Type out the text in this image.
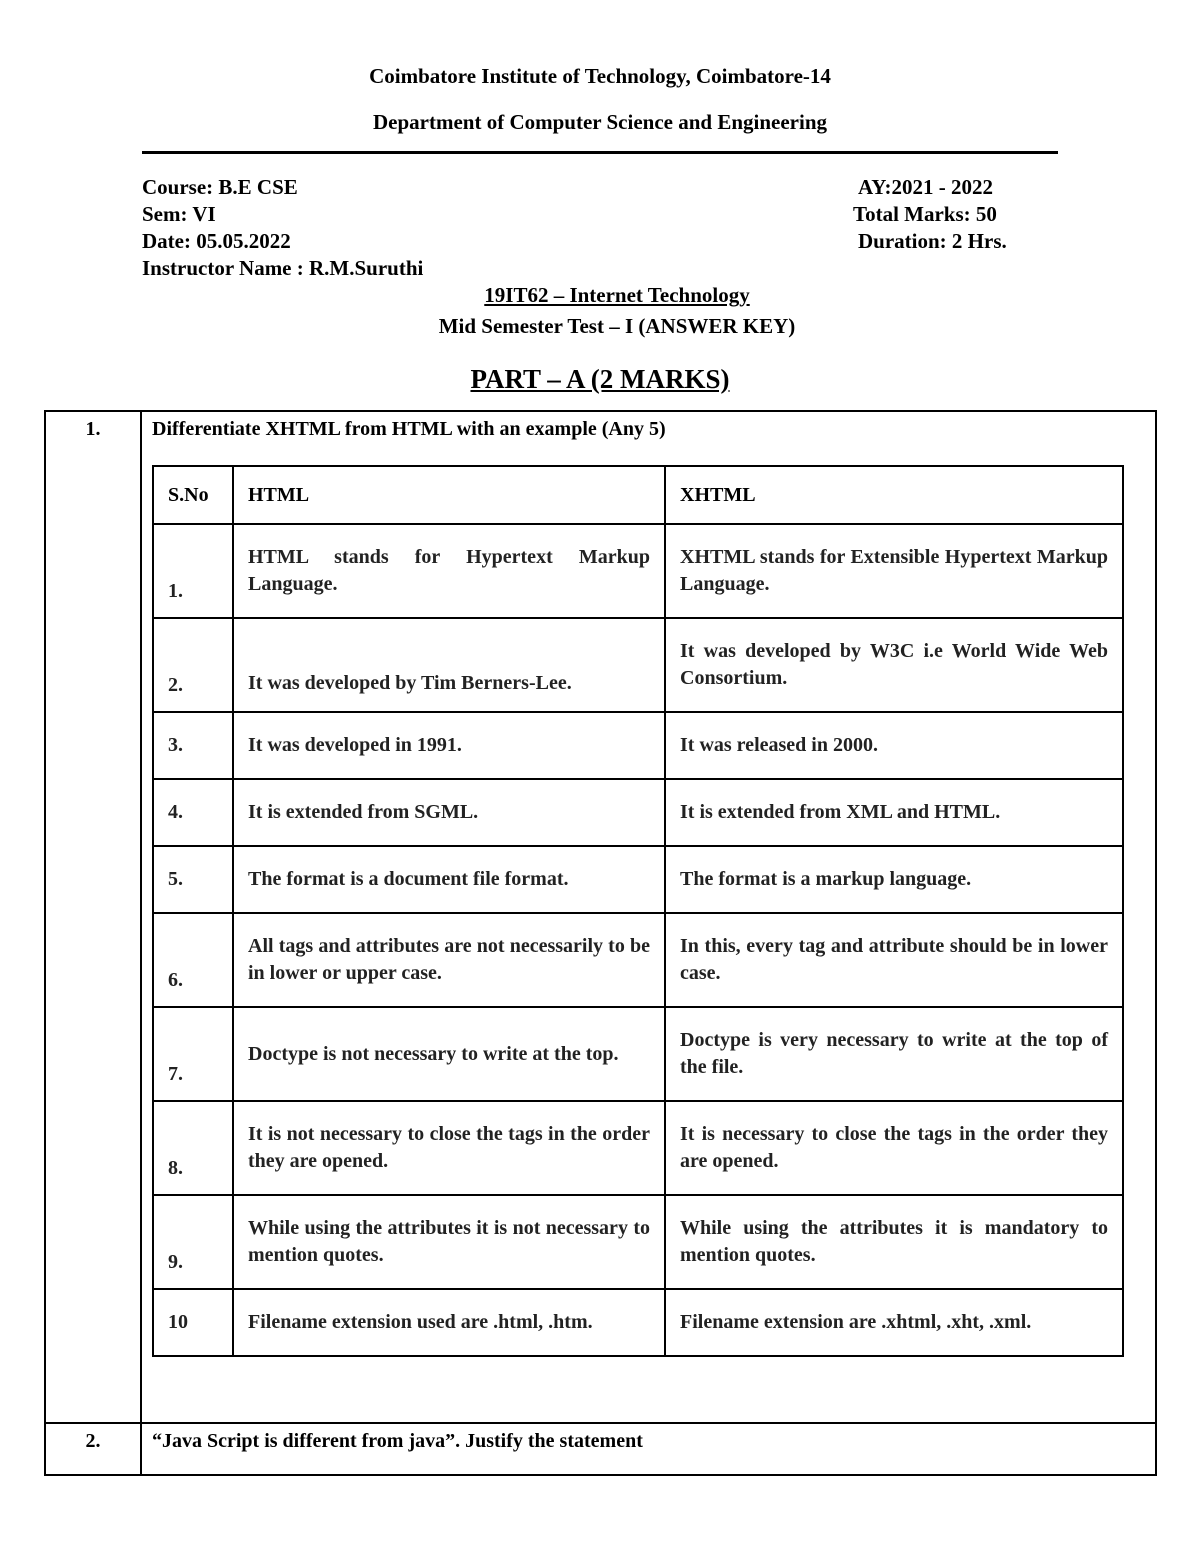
Coimbatore Institute of Technology, Coimbatore-14
Department of Computer Science and Engineering
Course: B.E CSE
Sem: VI
Date: 05.05.2022
Instructor Name : R.M.Suruthi
AY:2021 - 2022
Total Marks: 50
Duration: 2 Hrs.
19IT62 – Internet Technology
Mid Semester Test – I (ANSWER KEY)
PART – A (2 MARKS)
1.	Differentiate XHTML from HTML with an example (Any 5)
S.No	HTML	XHTML
1.	HTML stands for Hypertext Markup Language.	XHTML stands for Extensible Hypertext Markup Language.
2.	It was developed by Tim Berners-Lee.	It was developed by W3C i.e World Wide Web Consortium.
3.	It was developed in 1991.	It was released in 2000.
4.	It is extended from SGML.	It is extended from XML and HTML.
5.	The format is a document file format.	The format is a markup language.
6.	All tags and attributes are not necessarily to be in lower or upper case.	In this, every tag and attribute should be in lower case.
7.	Doctype is not necessary to write at the top.	Doctype is very necessary to write at the top of the file.
8.	It is not necessary to close the tags in the order they are opened.	It is necessary to close the tags in the order they are opened.
9.	While using the attributes it is not necessary to mention quotes.	While using the attributes it is mandatory to mention quotes.
10	Filename extension used are .html, .htm.	Filename extension are .xhtml, .xht, .xml.

2.	“Java Script is different from java”. Justify the statement
